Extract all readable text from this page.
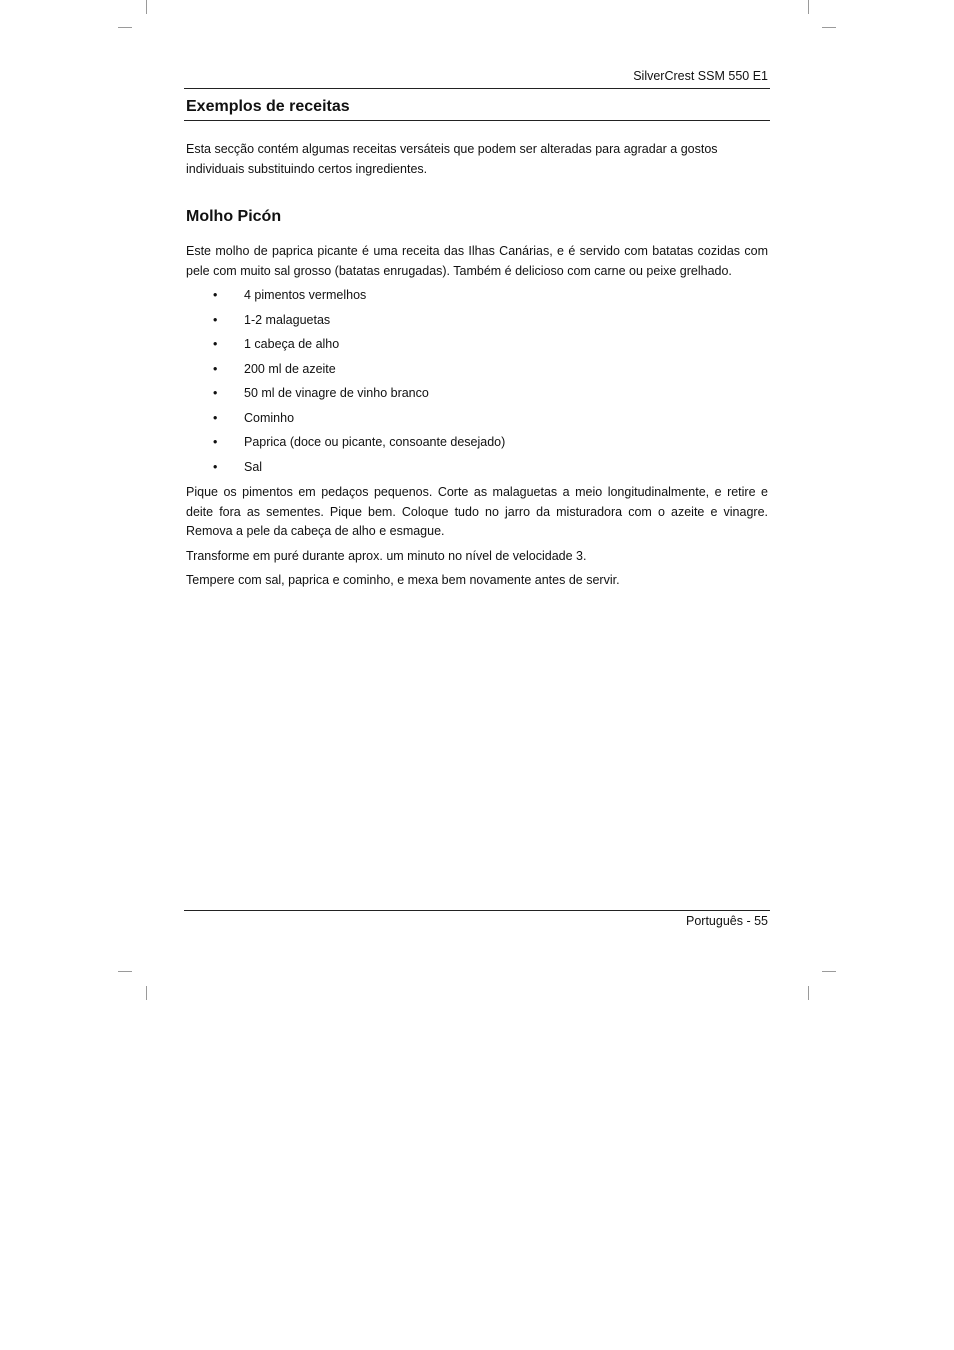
SilverCrest SSM 550 E1
Exemplos de receitas
Esta secção contém algumas receitas versáteis que podem ser alteradas para agradar a gostos individuais substituindo certos ingredientes.
Molho Picón
Este molho de paprica picante é uma receita das Ilhas Canárias, e é servido com batatas cozidas com pele com muito sal grosso (batatas enrugadas). Também é delicioso com carne ou peixe grelhado.
• 4 pimentos vermelhos
• 1-2 malaguetas
• 1 cabeça de alho
• 200 ml de azeite
• 50 ml de vinagre de vinho branco
• Cominho
• Paprica (doce ou picante, consoante desejado)
• Sal

Pique os pimentos em pedaços pequenos. Corte as malaguetas a meio longitudinalmente, e retire e deite fora as sementes. Pique bem. Coloque tudo no jarro da misturadora com o azeite e vinagre. Remova a pele da cabeça de alho e esmague.

Transforme em puré durante aprox. um minuto no nível de velocidade 3.

Tempere com sal, paprica e cominho, e mexa bem novamente antes de servir.

Português - 55
